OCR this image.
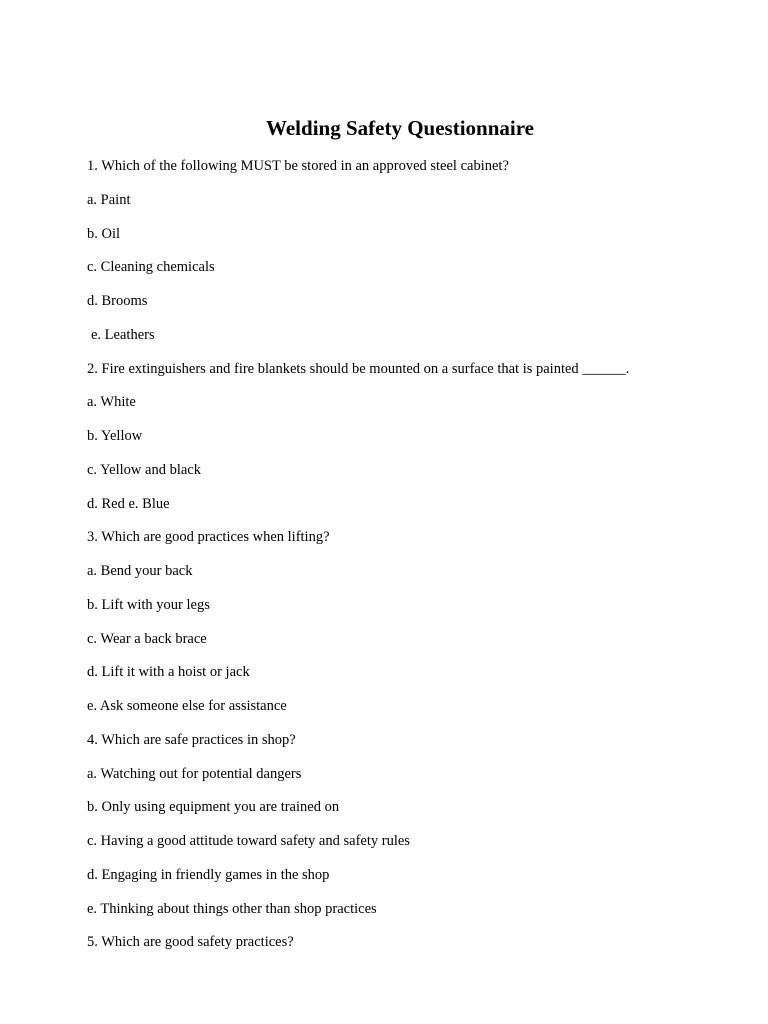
Welding Safety Questionnaire
1. Which of the following MUST be stored in an approved steel cabinet?
a. Paint
b. Oil
c. Cleaning chemicals
d. Brooms
e. Leathers
2. Fire extinguishers and fire blankets should be mounted on a surface that is painted ______.
a. White
b. Yellow
c. Yellow and black
d. Red e. Blue
3. Which are good practices when lifting?
a. Bend your back
b. Lift with your legs
c. Wear a back brace
d. Lift it with a hoist or jack
e. Ask someone else for assistance
4. Which are safe practices in shop?
a. Watching out for potential dangers
b. Only using equipment you are trained on
c. Having a good attitude toward safety and safety rules
d. Engaging in friendly games in the shop
e. Thinking about things other than shop practices
5. Which are good safety practices?
